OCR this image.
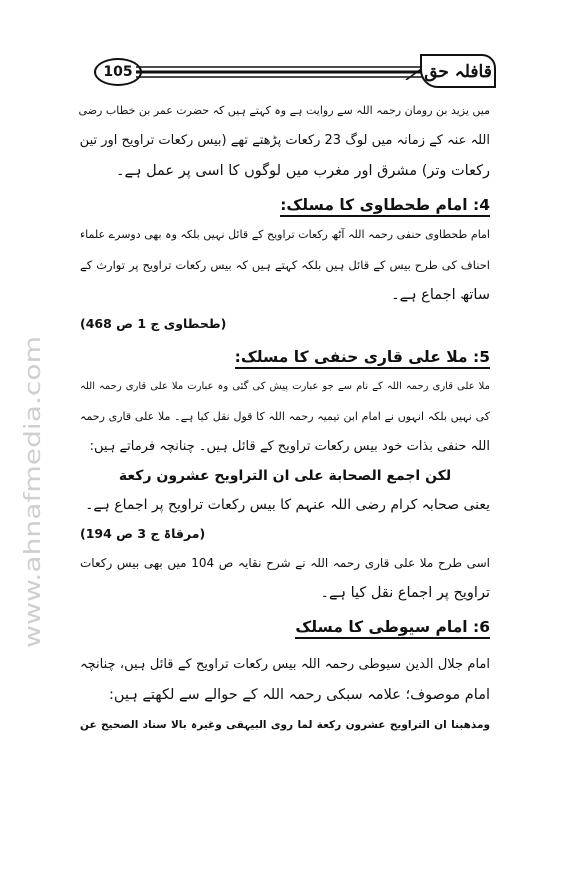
www.ahnafmedia.com
105	قافلہ حق
میں یزید بن رومان رحمہ اللہ سے روایت ہے وہ کہتے ہیں کہ حضرت عمر بن خطاب رضی
اللہ عنہ کے زمانہ میں لوگ 23 رکعات پڑھتے تھے (بیس رکعات تراویح اور تین
رکعات وتر) مشرق اور مغرب میں لوگوں کا اسی پر عمل ہے۔
4: امام طحطاوی کا مسلک:
امام طحطاوی حنفی رحمہ اللہ آٹھ رکعات تراویح کے قائل نہیں بلکہ وہ بھی دوسرے علماء
احناف کی طرح بیس کے قائل ہیں بلکہ کہتے ہیں کہ بیس رکعات تراویح پر توارث کے
ساتھ اجماع ہے۔
(طحطاوی ج 1 ص 468)
5: ملا علی قاری حنفی کا مسلک:
ملا علی قاری رحمہ اللہ کے نام سے جو عبارت پیش کی گئی وہ عبارت ملا علی قاری رحمہ اللہ
کی نہیں بلکہ انہوں نے امام ابن تیمیہ رحمہ اللہ کا قول نقل کیا ہے۔ ملا علی قاری رحمہ
اللہ حنفی بذات خود بیس رکعات تراویح کے قائل ہیں۔ چنانچہ فرماتے ہیں:
لکن اجمع الصحابة علی ان التراویح عشرون رکعة
یعنی صحابہ کرام رضی اللہ عنہم کا بیس رکعات تراویح پر اجماع ہے۔
(مرقاۃ ج 3 ص 194)
اسی طرح ملا علی قاری رحمہ اللہ نے شرح نقایہ ص 104 میں بھی بیس رکعات
تراویح پر اجماع نقل کیا ہے۔
6: امام سیوطی کا مسلک
امام جلال الدین سیوطی رحمہ اللہ بیس رکعات تراویح کے قائل ہیں، چنانچہ
امام موصوف؛ علامہ سبکی رحمہ اللہ کے حوالے سے لکھتے ہیں:
ومذھبنا ان التراویح عشرون رکعة لما روی البیہقی وغیرہ بالا سناد الصحیح عن
